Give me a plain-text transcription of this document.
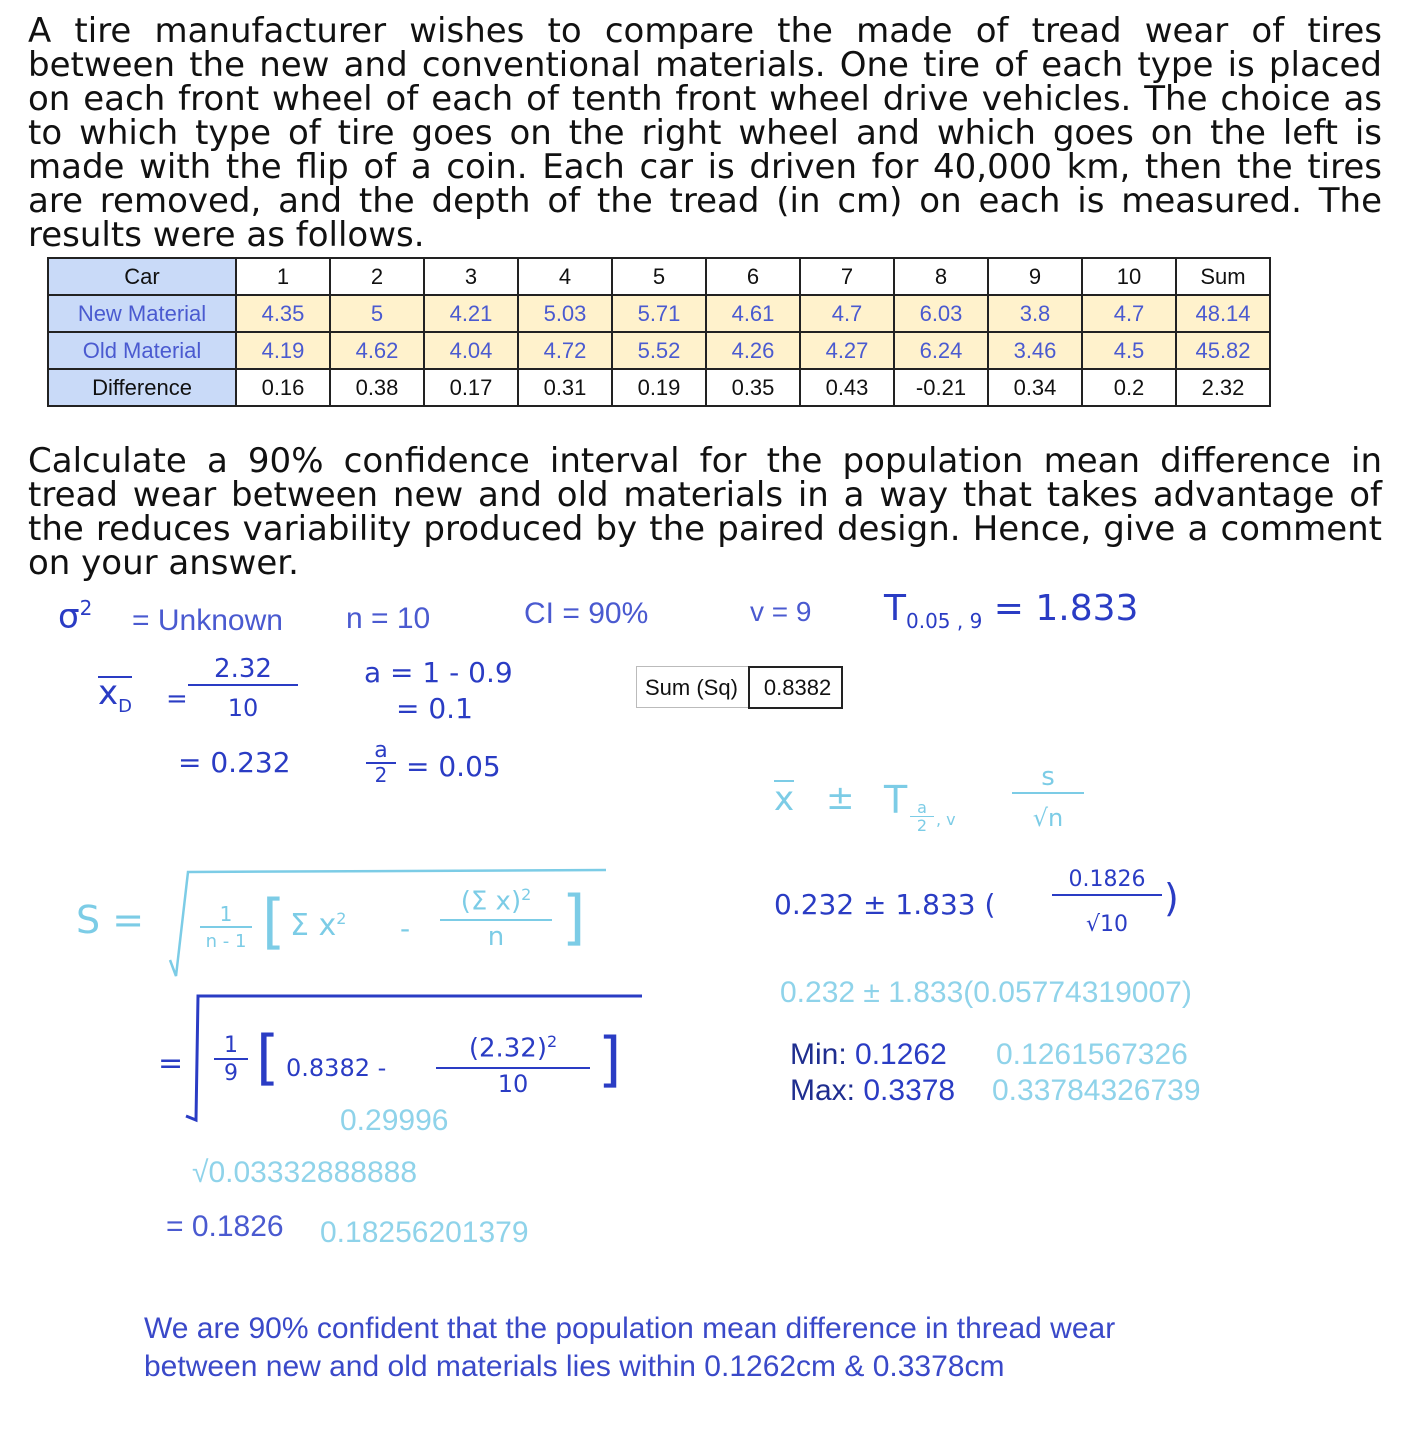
A tire manufacturer wishes to compare the made of tread wear of tires between the new and conventional materials. One tire of each type is placed on each front wheel of each of tenth front wheel drive vehicles. The choice as to which type of tire goes on the right wheel and which goes on the left is made with the flip of a coin. Each car is driven for 40,000 km, then the tires are removed, and the depth of the tread (in cm) on each is measured. The results were as follows.
Car	1	2	3	4	5	6	7	8	9	10	Sum
New Material	4.35	5	4.21	5.03	5.71	4.61	4.7	6.03	3.8	4.7	48.14
Old Material	4.19	4.62	4.04	4.72	5.52	4.26	4.27	6.24	3.46	4.5	45.82
Difference	0.16	0.38	0.17	0.31	0.19	0.35	0.43	-0.21	0.34	0.2	2.32
Calculate a 90% confidence interval for the population mean difference in tread wear between new and old materials in a way that takes advantage of the reduces variability produced by the paired design. Hence, give a comment on your answer.
$\sigma^2$ = Unknown n = 10	CI = 90%	v = 9 $T_{0.05 , 9} = 1.833$
$x_D$ =
2.32
10
= 0.232
a = 1 - 0.9
= 0.1
a
2 = 0.05
Sum (Sq) 0.8382
x ± T a
2 , v
s
√n
0.232 ± 1.833 (
0.1826
√10
)
0.232 ± 1.833(0.05774319007)
Min: 0.1262 0.1261567326
Max: 0.3378 0.33784326739
S =	1
n - 1 [ Σ $x^2$ -
(Σ x)$^2$
n ]
=
1
9 [ 0.8382 -
$(2.32)^2$
10	]
0.29996
√0.03332888888
= 0.1826 0.18256201379
We are 90% confident that the population mean difference in thread wear between new and old materials lies within 0.1262cm & 0.3378cm
